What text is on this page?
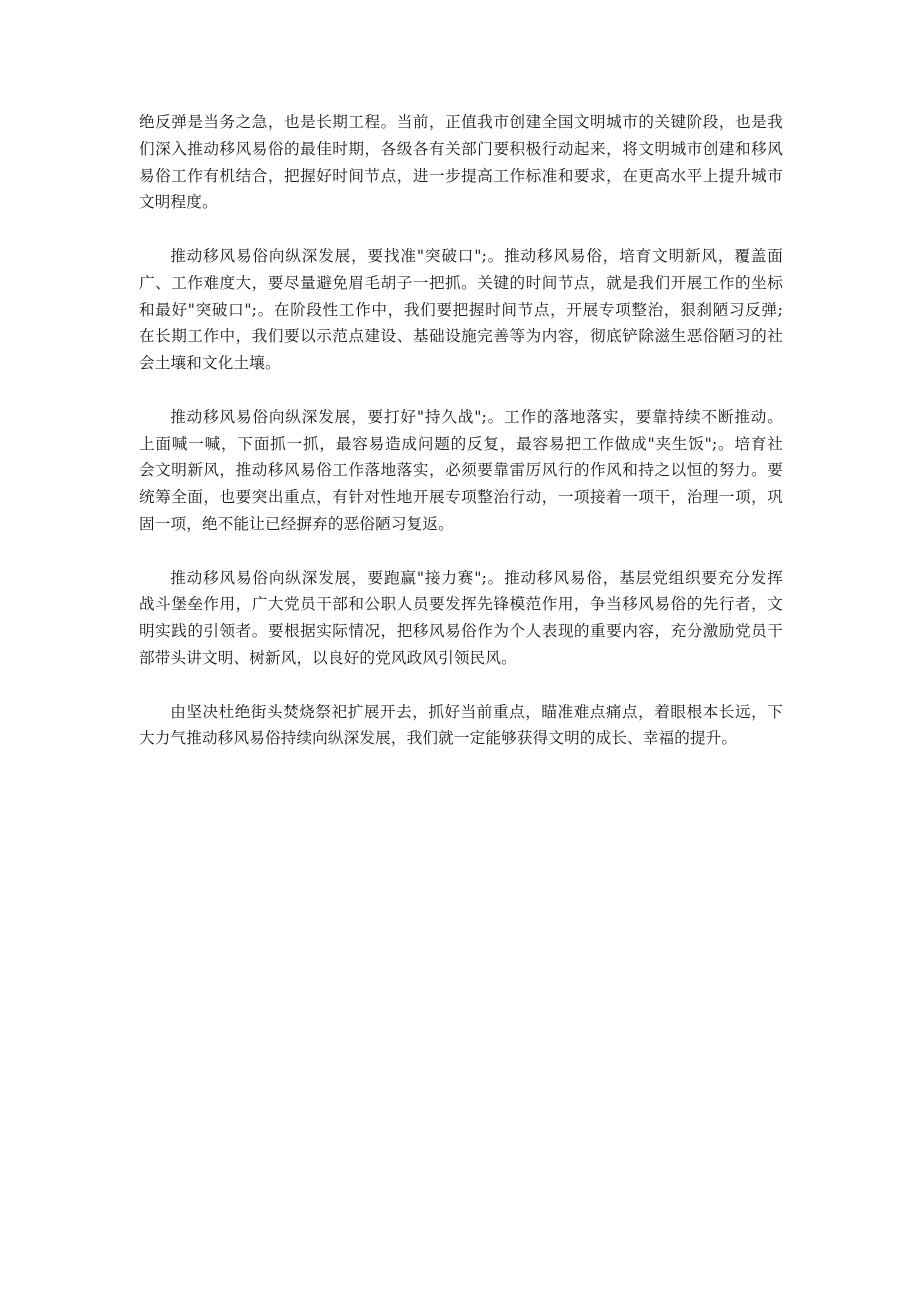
绝反弹是当务之急，也是长期工程。当前，正值我市创建全国文明城市的关键阶段，也是我
们深入推动移风易俗的最佳时期，各级各有关部门要积极行动起来，将文明城市创建和移风
易俗工作有机结合，把握好时间节点，进一步提高工作标准和要求，在更高水平上提升城市
文明程度。
推动移风易俗向纵深发展，要找准"突破口";。推动移风易俗，培育文明新风，覆盖面
广、工作难度大，要尽量避免眉毛胡子一把抓。关键的时间节点，就是我们开展工作的坐标
和最好"突破口";。在阶段性工作中，我们要把握时间节点，开展专项整治，狠刹陋习反弹;
在长期工作中，我们要以示范点建设、基础设施完善等为内容，彻底铲除滋生恶俗陋习的社
会土壤和文化土壤。
推动移风易俗向纵深发展，要打好"持久战";。工作的落地落实，要靠持续不断推动。
上面喊一喊，下面抓一抓，最容易造成问题的反复，最容易把工作做成"夹生饭";。培育社
会文明新风，推动移风易俗工作落地落实，必须要靠雷厉风行的作风和持之以恒的努力。要
统筹全面，也要突出重点，有针对性地开展专项整治行动，一项接着一项干，治理一项，巩
固一项，绝不能让已经摒弃的恶俗陋习复返。
推动移风易俗向纵深发展，要跑赢"接力赛";。推动移风易俗，基层党组织要充分发挥
战斗堡垒作用，广大党员干部和公职人员要发挥先锋模范作用，争当移风易俗的先行者，文
明实践的引领者。要根据实际情况，把移风易俗作为个人表现的重要内容，充分激励党员干
部带头讲文明、树新风，以良好的党风政风引领民风。
由坚决杜绝街头焚烧祭祀扩展开去，抓好当前重点，瞄准难点痛点，着眼根本长远，下
大力气推动移风易俗持续向纵深发展，我们就一定能够获得文明的成长、幸福的提升。
